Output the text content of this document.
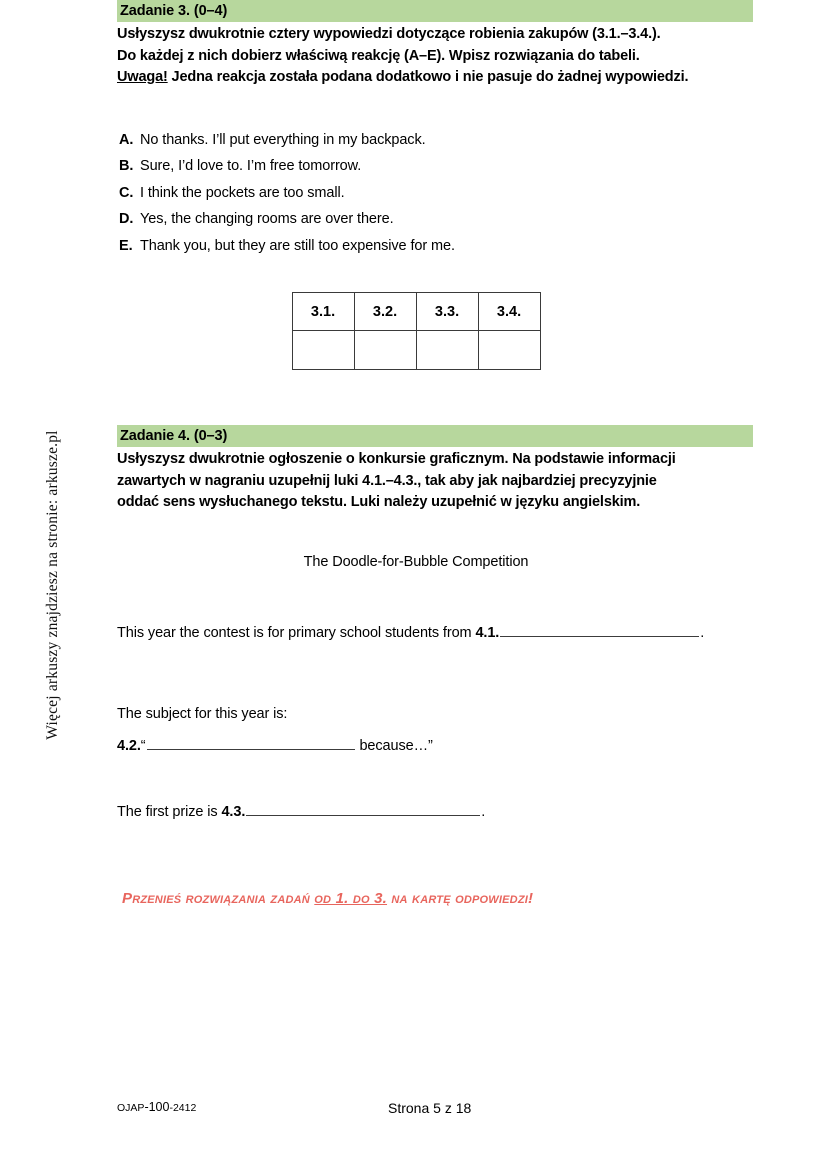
Więcej arkuszy znajdziesz na stronie: arkusze.pl
Zadanie 3. (0–4)
Usłyszysz dwukrotnie cztery wypowiedzi dotyczące robienia zakupów (3.1.–3.4.).
Do każdej z nich dobierz właściwą reakcję (A–E). Wpisz rozwiązania do tabeli.
Uwaga! Jedna reakcja została podana dodatkowo i nie pasuje do żadnej wypowiedzi.
A. No thanks. I’ll put everything in my backpack.
B. Sure, I’d love to. I’m free tomorrow.
C. I think the pockets are too small.
D. Yes, the changing rooms are over there.
E. Thank you, but they are still too expensive for me.
3.1.	3.2.	3.3.	3.4.

Zadanie 4. (0–3)
Usłyszysz dwukrotnie ogłoszenie o konkursie graficznym. Na podstawie informacji
zawartych w nagraniu uzupełnij luki 4.1.–4.3., tak aby jak najbardziej precyzyjnie
oddać sens wysłuchanego tekstu. Luki należy uzupełnić w języku angielskim.
The Doodle-for-Bubble Competition
This year the contest is for primary school students from 4.1.	.
The subject for this year is:
4.2.“	because…”
The first prize is 4.3.	.
Przenieś rozwiązania zadań od 1. do 3. na kartę odpowiedzi!
OJAP-100-2412	Strona 5 z 18
